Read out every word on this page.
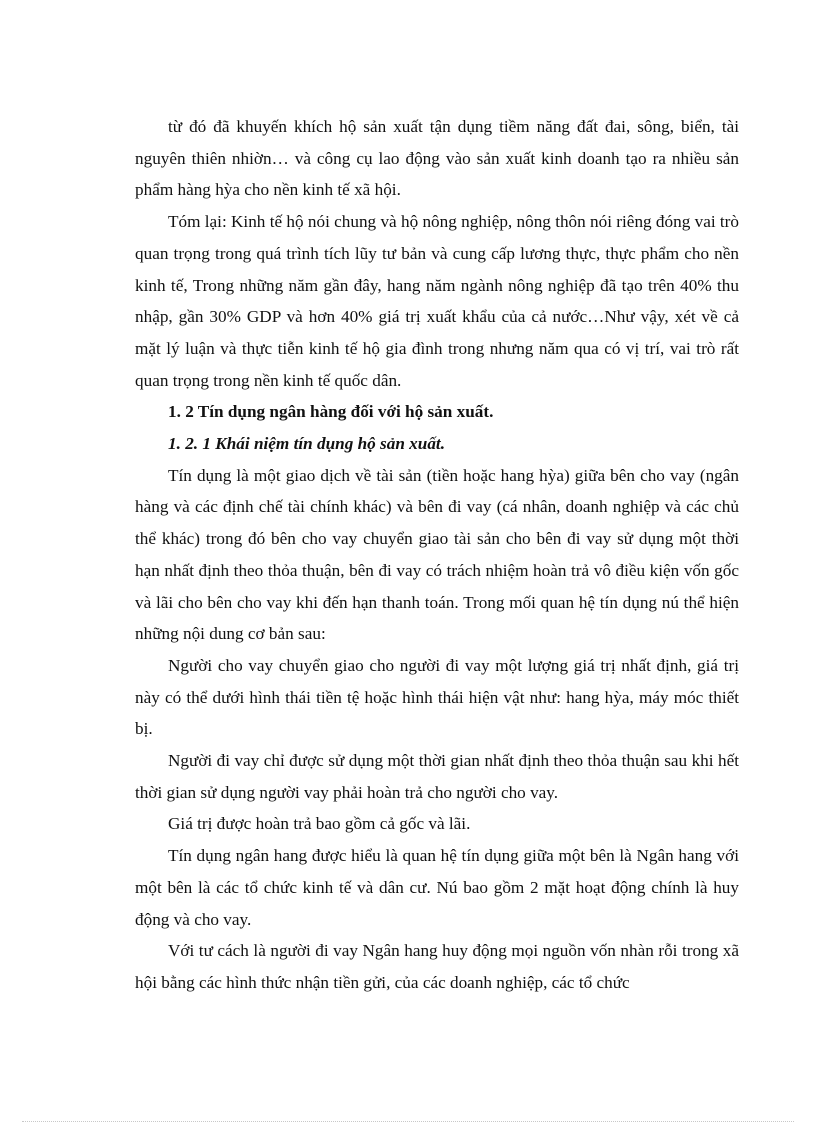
từ đó đã khuyến khích hộ sản xuất tận dụng tiềm năng đất đai, sông, biển, tài nguyên thiên nhiờn… và công cụ lao động vào sản xuất kinh doanh tạo ra nhiều sản phẩm hàng hỳa cho nền kinh tế xã hội.

Tóm lại: Kinh tế hộ nói chung và hộ nông nghiệp, nông thôn nói riêng đóng vai trò quan trọng trong quá trình tích lũy tư bản và cung cấp lương thực, thực phẩm cho nền kinh tế, Trong những năm gần đây, hang năm ngành nông nghiệp đã tạo trên 40% thu nhập, gần 30% GDP và hơn 40% giá trị xuất khẩu của cả nước…Như vậy, xét về cả mặt lý luận và thực tiễn kinh tế hộ gia đình trong nhưng năm qua có vị trí, vai trò rất quan trọng trong nền kinh tế quốc dân.

1. 2 Tín dụng ngân hàng đối với hộ sản xuất.

1. 2. 1 Khái niệm tín dụng hộ sản xuất.

Tín dụng là một giao dịch về tài sản (tiền hoặc hang hỳa) giữa bên cho vay (ngân hàng và các định chế tài chính khác) và bên đi vay (cá nhân, doanh nghiệp và các chủ thể khác) trong đó bên cho vay chuyển giao tài sản cho bên đi vay sử dụng một thời hạn nhất định theo thỏa thuận, bên đi vay có trách nhiệm hoàn trả vô điều kiện vốn gốc và lãi cho bên cho vay khi đến hạn thanh toán. Trong mối quan hệ tín dụng nú thể hiện những nội dung cơ bản sau:

Người cho vay chuyển giao cho người đi vay một lượng giá trị nhất định, giá trị này có thể dưới hình thái tiền tệ hoặc hình thái hiện vật như: hang hỳa, máy móc thiết bị.

Người đi vay chỉ được sử dụng một thời gian nhất định theo thỏa thuận sau khi hết thời gian sử dụng người vay phải hoàn trả cho người cho vay.

Giá trị được hoàn trả bao gồm cả gốc và lãi.

Tín dụng ngân hang được hiểu là quan hệ tín dụng giữa một bên là Ngân hang với một bên là các tổ chức kinh tế và dân cư. Nú bao gồm 2 mặt hoạt động chính là huy động và cho vay.

Với tư cách là người đi vay Ngân hang huy động mọi nguồn vốn nhàn rỗi trong xã hội bằng các hình thức nhận tiền gửi, của các doanh nghiệp, các tổ chức
